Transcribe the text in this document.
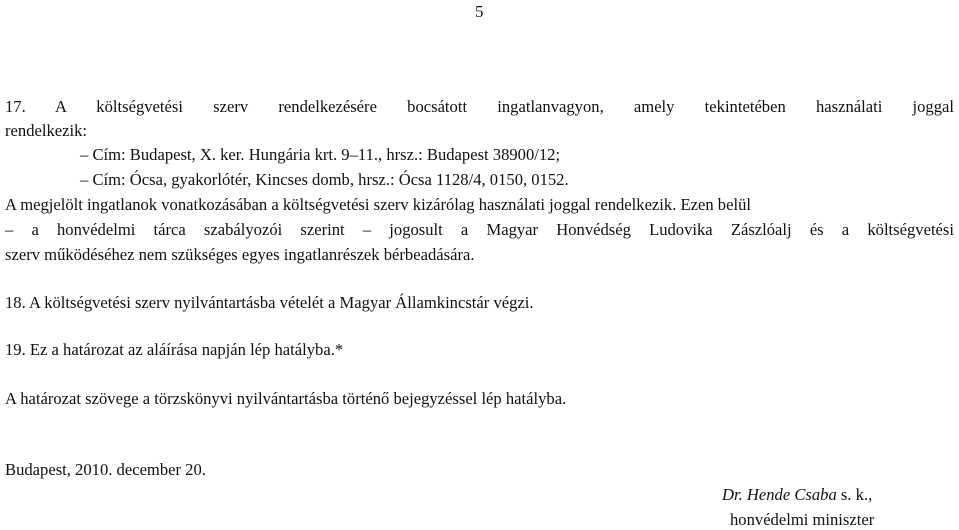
5
17. A költségvetési szerv rendelkezésére bocsátott ingatlanvagyon, amely tekintetében használati joggal
rendelkezik:
– Cím: Budapest, X. ker. Hungária krt. 9–11., hrsz.: Budapest 38900/12;
– Cím: Ócsa, gyakorlótér, Kincses domb, hrsz.: Ócsa 1128/4, 0150, 0152.
A megjelölt ingatlanok vonatkozásában a költségvetési szerv kizárólag használati joggal rendelkezik. Ezen belül
– a honvédelmi tárca szabályozói szerint – jogosult a Magyar Honvédség Ludovika Zászlóalj és a költségvetési
szerv működéséhez nem szükséges egyes ingatlanrészek bérbeadására.
18. A költségvetési szerv nyilvántartásba vételét a Magyar Államkincstár végzi.
19. Ez a határozat az aláírása napján lép hatályba.*
A határozat szövege a törzskönyvi nyilvántartásba történő bejegyzéssel lép hatályba.
Budapest, 2010. december 20.
Dr. Hende Csaba s. k.,
honvédelmi miniszter
